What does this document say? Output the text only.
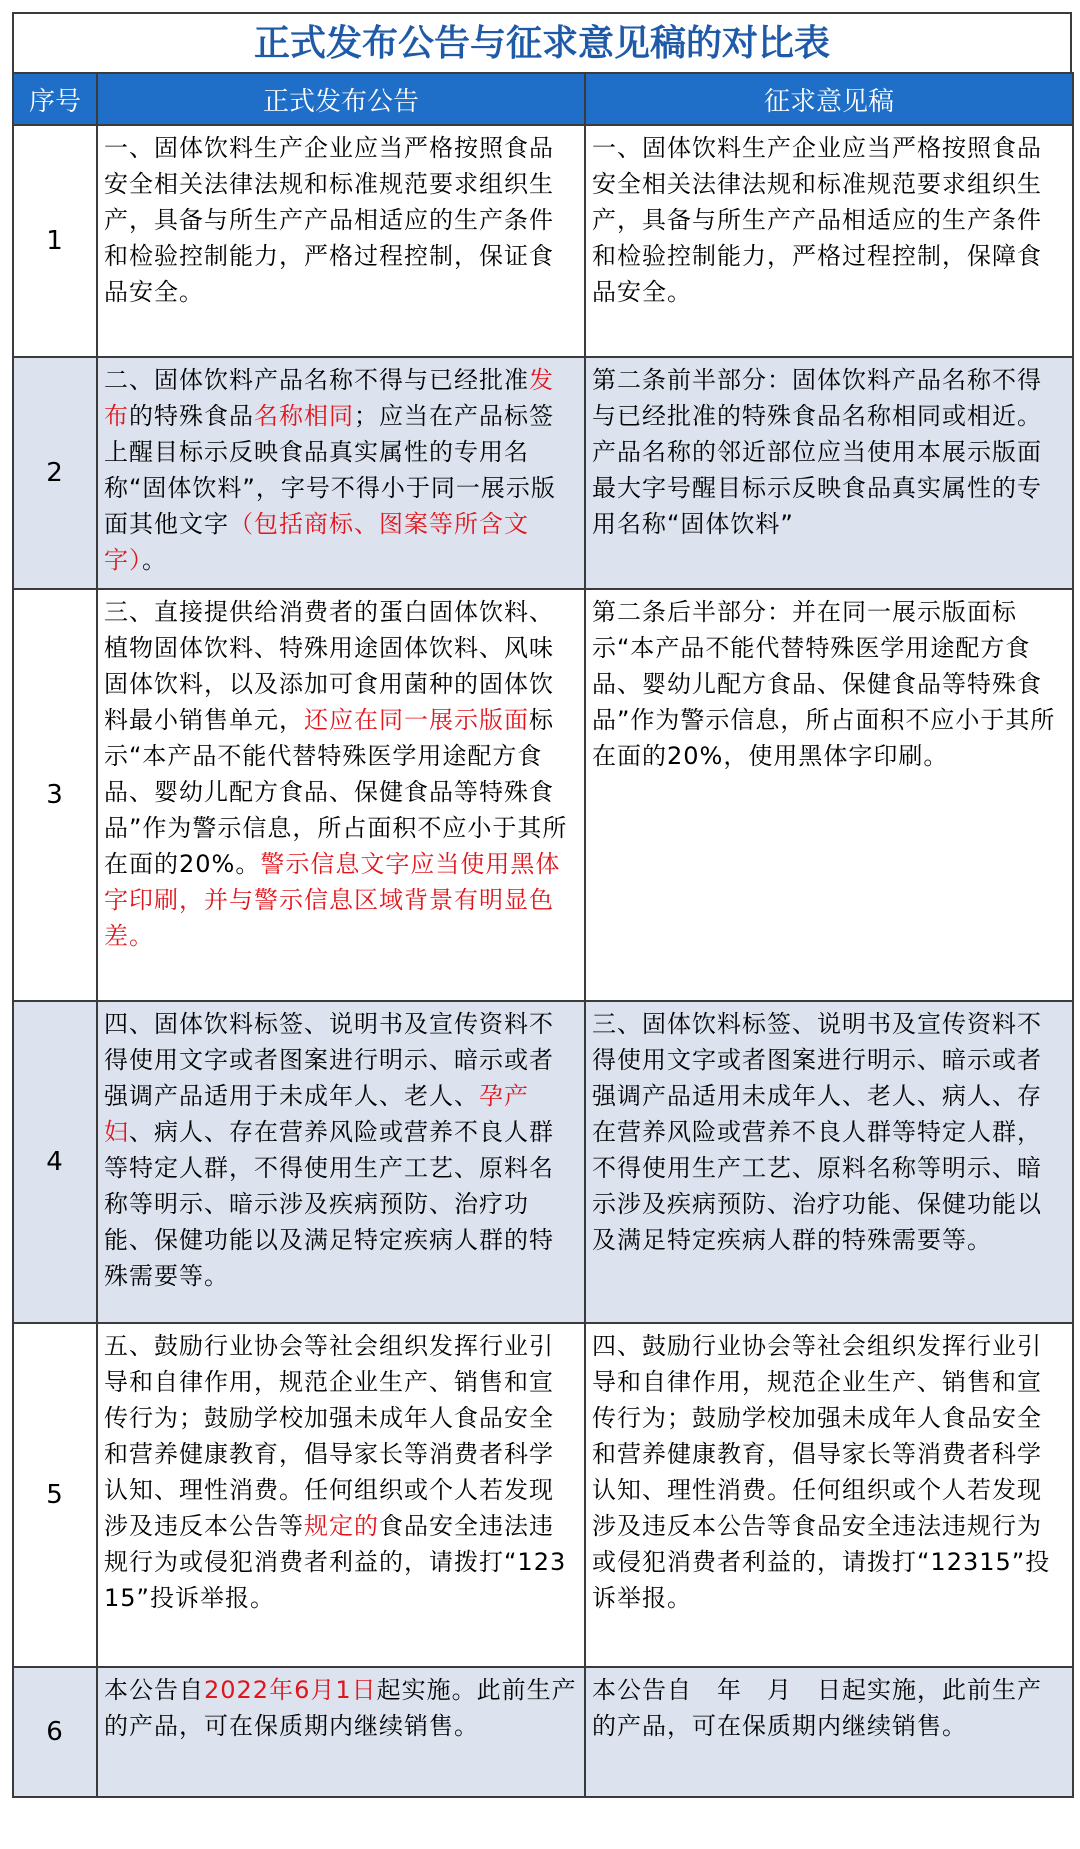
正式发布公告与征求意见稿的对比表
序号	正式发布公告	征求意见稿
1	一、固体饮料生产企业应当严格按照食品安全相关法律法规和标准规范要求组织生产，具备与所生产产品相适应的生产条件和检验控制能力，严格过程控制，保证食品安全。	一、固体饮料生产企业应当严格按照食品安全相关法律法规和标准规范要求组织生产，具备与所生产产品相适应的生产条件和检验控制能力，严格过程控制，保障食品安全。
2	二、固体饮料产品名称不得与已经批准发布的特殊食品名称相同；应当在产品标签上醒目标示反映食品真实属性的专用名称“固体饮料”，字号不得小于同一展示版面其他文字（包括商标、图案等所含文字）。	第二条前半部分：固体饮料产品名称不得与已经批准的特殊食品名称相同或相近。产品名称的邻近部位应当使用本展示版面最大字号醒目标示反映食品真实属性的专用名称“固体饮料”
3	三、直接提供给消费者的蛋白固体饮料、植物固体饮料、特殊用途固体饮料、风味固体饮料，以及添加可食用菌种的固体饮料最小销售单元，还应在同一展示版面标示“本产品不能代替特殊医学用途配方食品、婴幼儿配方食品、保健食品等特殊食品”作为警示信息，所占面积不应小于其所在面的20%。警示信息文字应当使用黑体字印刷，并与警示信息区域背景有明显色差。	第二条后半部分：并在同一展示版面标示“本产品不能代替特殊医学用途配方食品、婴幼儿配方食品、保健食品等特殊食品”作为警示信息，所占面积不应小于其所在面的20%，使用黑体字印刷。
4	四、固体饮料标签、说明书及宣传资料不得使用文字或者图案进行明示、暗示或者强调产品适用于未成年人、老人、孕产妇、病人、存在营养风险或营养不良人群等特定人群，不得使用生产工艺、原料名称等明示、暗示涉及疾病预防、治疗功能、保健功能以及满足特定疾病人群的特殊需要等。	三、固体饮料标签、说明书及宣传资料不得使用文字或者图案进行明示、暗示或者强调产品适用未成年人、老人、病人、存在营养风险或营养不良人群等特定人群，不得使用生产工艺、原料名称等明示、暗示涉及疾病预防、治疗功能、保健功能以及满足特定疾病人群的特殊需要等。
5	五、鼓励行业协会等社会组织发挥行业引导和自律作用，规范企业生产、销售和宣传行为；鼓励学校加强未成年人食品安全和营养健康教育，倡导家长等消费者科学认知、理性消费。任何组织或个人若发现涉及违反本公告等规定的食品安全违法违规行为或侵犯消费者利益的，请拨打“12315”投诉举报。	四、鼓励行业协会等社会组织发挥行业引导和自律作用，规范企业生产、销售和宣传行为；鼓励学校加强未成年人食品安全和营养健康教育，倡导家长等消费者科学认知、理性消费。任何组织或个人若发现涉及违反本公告等食品安全违法违规行为或侵犯消费者利益的，请拨打“12315”投诉举报。
6	本公告自2022年6月1日起实施。此前生产的产品，可在保质期内继续销售。	本公告自　年　月　日起实施，此前生产的产品，可在保质期内继续销售。
